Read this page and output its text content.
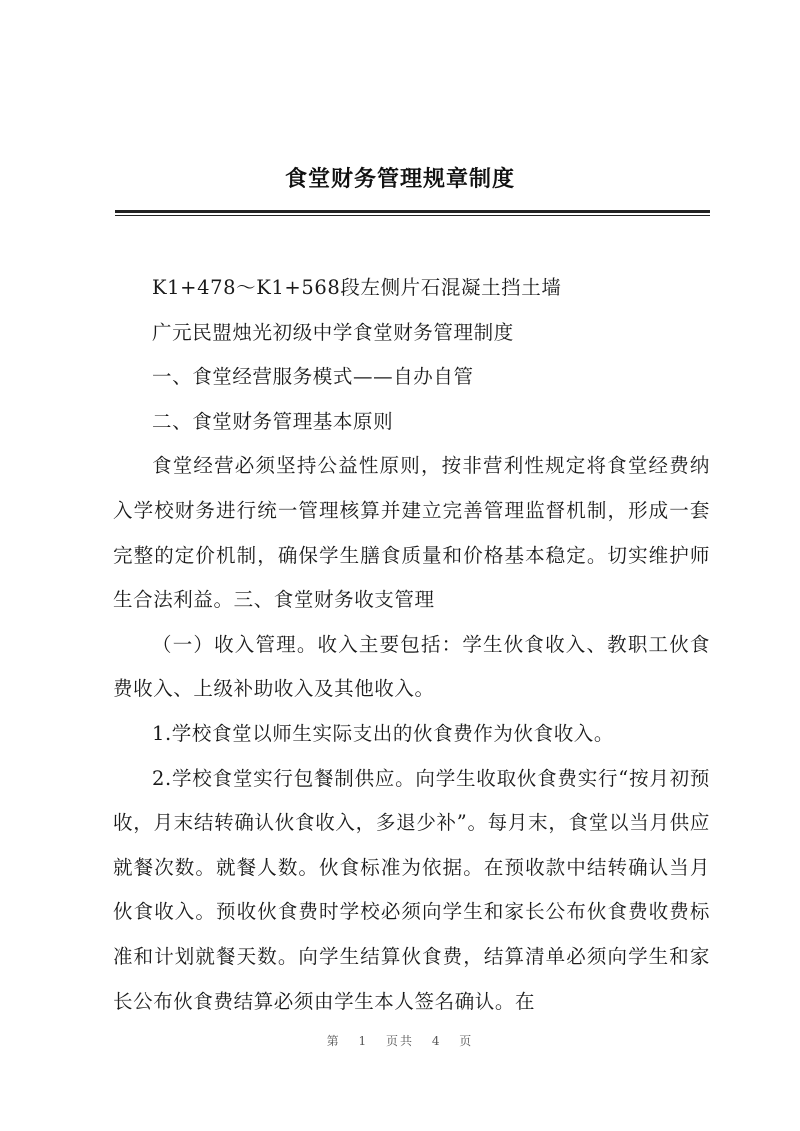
食堂财务管理规章制度

K1+478～K1+568段左侧片石混凝土挡土墙

广元民盟烛光初级中学食堂财务管理制度

一、食堂经营服务模式——自办自管

二、食堂财务管理基本原则

食堂经营必须坚持公益性原则，按非营利性规定将食堂经费纳入学校财务进行统一管理核算并建立完善管理监督机制，形成一套完整的定价机制，确保学生膳食质量和价格基本稳定。切实维护师生合法利益。三、食堂财务收支管理

（一）收入管理。收入主要包括：学生伙食收入、教职工伙食费收入、上级补助收入及其他收入。

1.学校食堂以师生实际支出的伙食费作为伙食收入。

2.学校食堂实行包餐制供应。向学生收取伙食费实行“按月初预收，月末结转确认伙食收入，多退少补”。每月末，食堂以当月供应就餐次数。就餐人数。伙食标准为依据。在预收款中结转确认当月伙食收入。预收伙食费时学校必须向学生和家长公布伙食费收费标准和计划就餐天数。向学生结算伙食费，结算清单必须向学生和家长公布伙食费结算必须由学生本人签名确认。在

第 1 页共 4 页
